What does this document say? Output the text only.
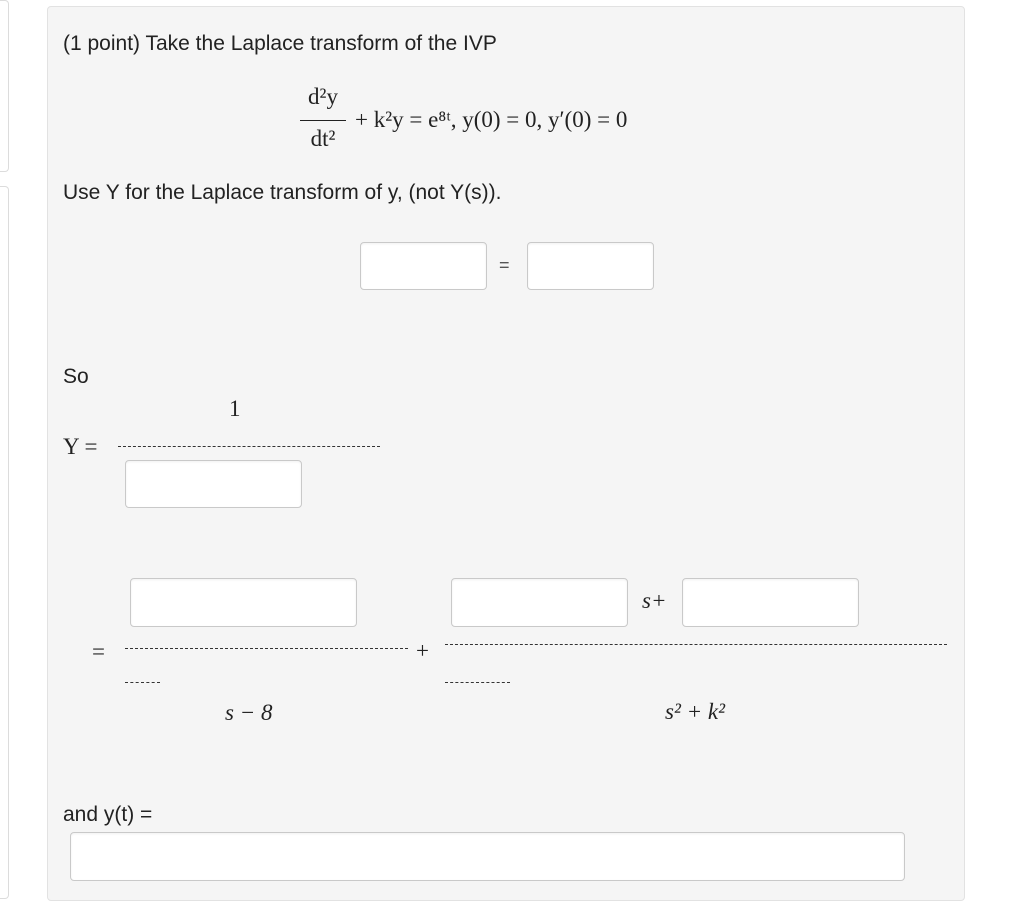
(1 point) Take the Laplace transform of the IVP
d²y
dt²
+ k²y = e⁸ᵗ, y(0) = 0, y′(0) = 0
Use Y for the Laplace transform of y, (not Y(s)).
=
So
1
Y =
s+
=	+
s − 8	s² + k²
and y(t) =
